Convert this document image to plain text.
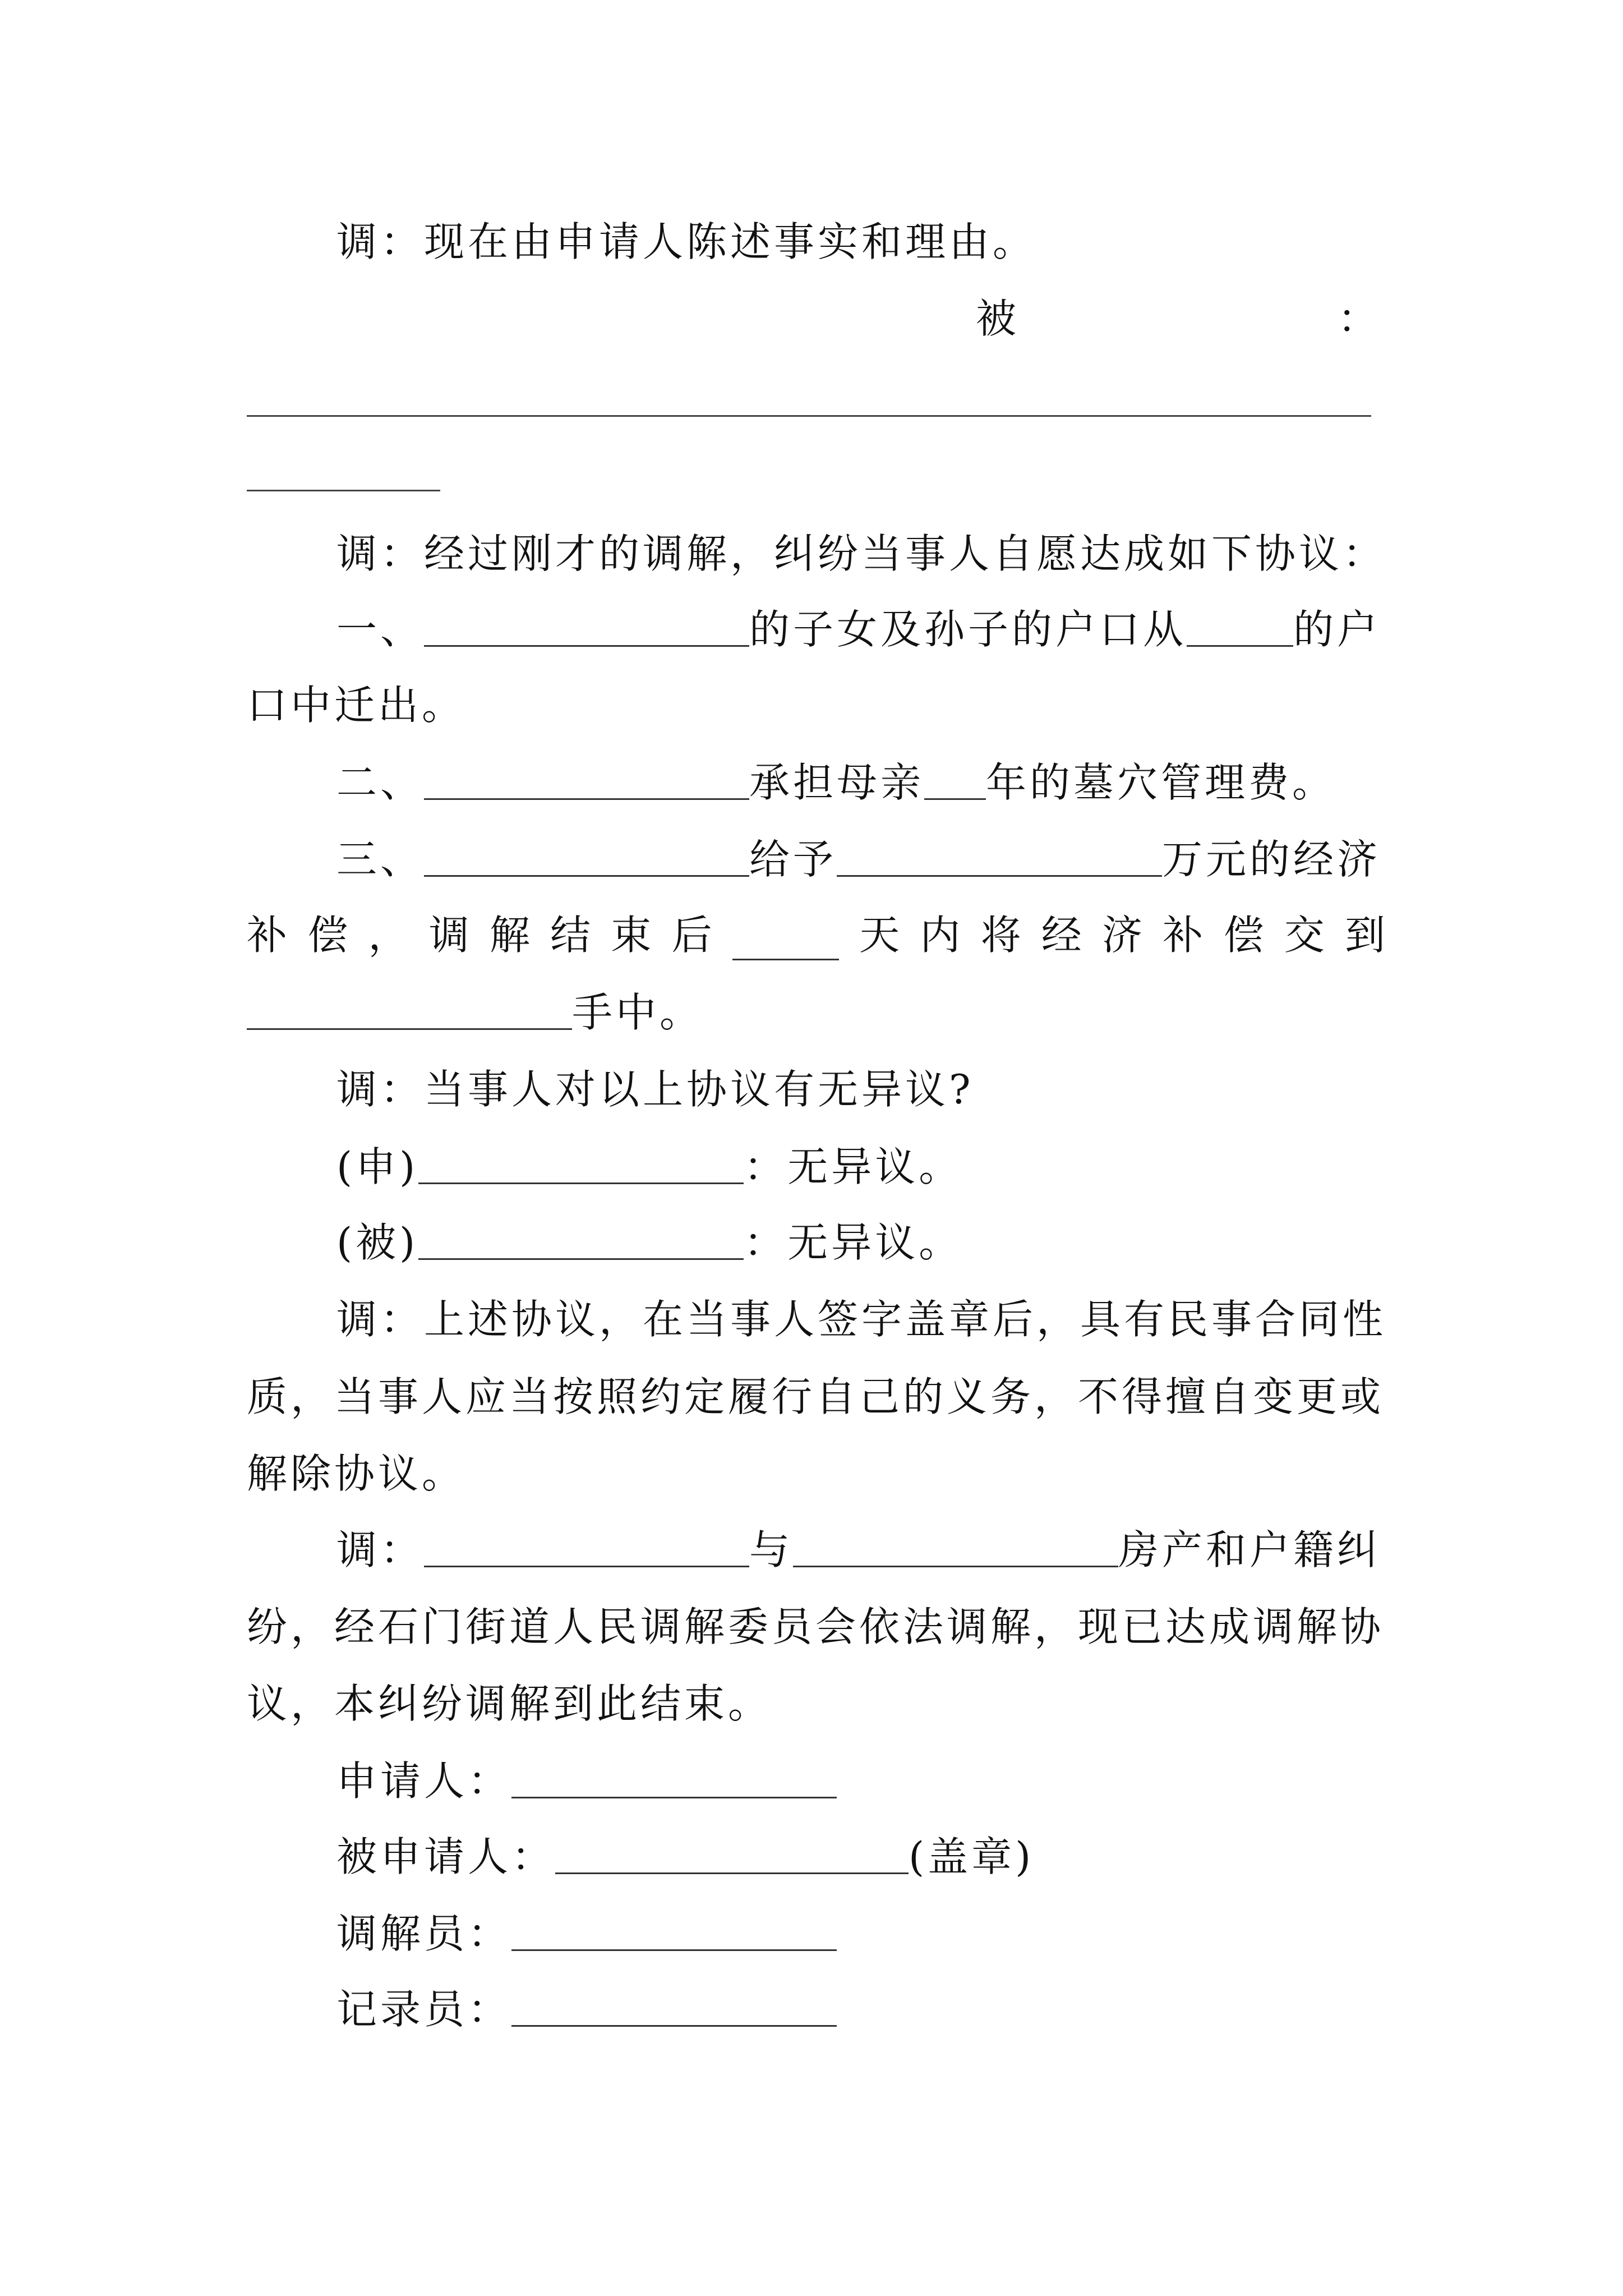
调：现在由申请人陈述事实和理由。
被	：
调：经过刚才的调解，纠纷当事人自愿达成如下协议：
一、	的子女及孙子的户口从	的户
口中迁出。
二、	承担母亲 年的墓穴管理费。
三、	给予	万元的经济
补 偿 ， 调 解 结 束 后	天 内 将 经 济 补 偿 交 到
手中。
调：当事人对以上协议有无异议?
(申)	：无异议。
(被)	：无异议。
调：上述协议，在当事人签字盖章后，具有民事合同性
质，当事人应当按照约定履行自己的义务，不得擅自变更或
解除协议。
调：	与	房产和户籍纠
纷，经石门街道人民调解委员会依法调解，现已达成调解协
议，本纠纷调解到此结束。
申请人：
被申请人：	(盖章)
调解员：
记录员：
